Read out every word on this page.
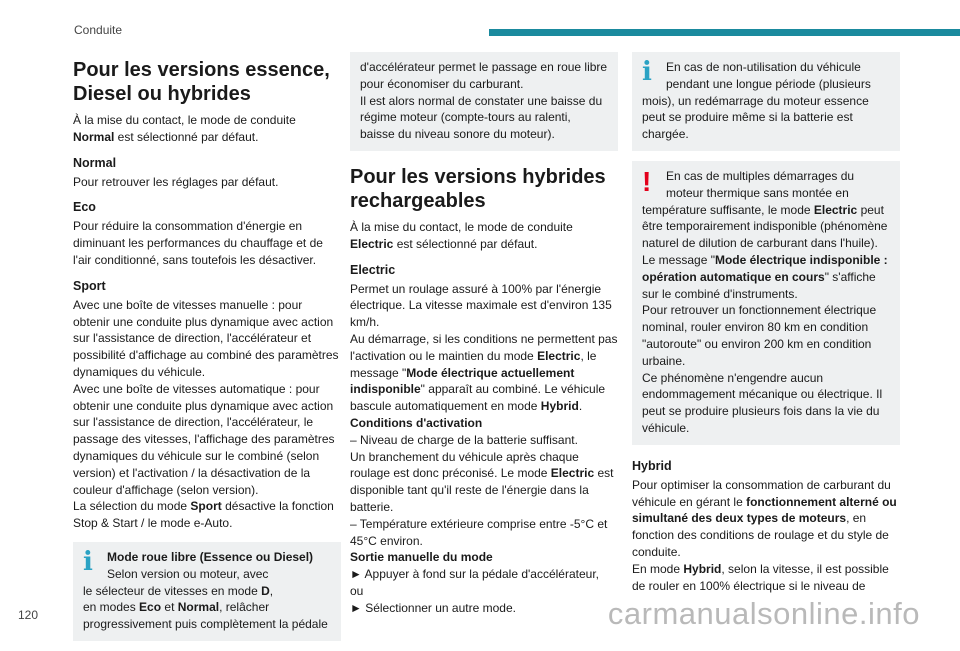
Conduite
Pour les versions essence, Diesel ou hybrides

À la mise du contact, le mode de conduite
Normal est sélectionné par défaut.

Normal

Pour retrouver les réglages par défaut.

Eco

Pour réduire la consommation d'énergie en diminuant les performances du chauffage et de l'air conditionné, sans toutefois les désactiver.

Sport

Avec une boîte de vitesses manuelle : pour obtenir une conduite plus dynamique avec action sur l'assistance de direction, l'accélérateur et possibilité d'affichage au combiné des paramètres dynamiques du véhicule.

Avec une boîte de vitesses automatique : pour obtenir une conduite plus dynamique avec action sur l'assistance de direction, l'accélérateur, le passage des vitesses, l'affichage des paramètres dynamiques du véhicule sur le combiné (selon version) et l'activation / la désactivation de la couleur d'affichage (selon version).

La sélection du mode Sport désactive la fonction Stop & Start / le mode e-Auto.

i	Mode roue libre (Essence ou Diesel)

Selon version ou moteur, avec

le sélecteur de vitesses en mode D,

en modes Eco et Normal, relâcher

progressivement puis complètement la pédale

d'accélérateur permet le passage en roue libre pour économiser du carburant.

Il est alors normal de constater une baisse du régime moteur (compte-tours au ralenti, baisse du niveau sonore du moteur).

Pour les versions hybrides rechargeables

À la mise du contact, le mode de conduite
Electric est sélectionné par défaut.

Electric

Permet un roulage assuré à 100% par l'énergie électrique. La vitesse maximale est d'environ 135 km/h.

Au démarrage, si les conditions ne permettent pas l'activation ou le maintien du mode Electric, le message "Mode électrique actuellement indisponible" apparaît au combiné. Le véhicule bascule automatiquement en mode Hybrid.

Conditions d'activation

– Niveau de charge de la batterie suffisant.

Un branchement du véhicule après chaque roulage est donc préconisé. Le mode Electric est disponible tant qu'il reste de l'énergie dans la batterie.

– Température extérieure comprise entre -5°C et 45°C environ.

Sortie manuelle du mode

► Appuyer à fond sur la pédale d'accélérateur,

ou

► Sélectionner un autre mode.

i	En cas de non-utilisation du véhicule

pendant une longue période (plusieurs

mois), un redémarrage du moteur essence peut se produire même si la batterie est chargée.

!	En cas de multiples démarrages du

moteur thermique sans montée en

température suffisante, le mode Electric peut être temporairement indisponible (phénomène naturel de dilution de carburant dans l'huile).

Le message "Mode électrique indisponible : opération automatique en cours" s'affiche sur le combiné d'instruments.

Pour retrouver un fonctionnement électrique nominal, rouler environ 80 km en condition "autoroute" ou environ 200 km en condition urbaine.

Ce phénomène n'engendre aucun endommagement mécanique ou électrique. Il peut se produire plusieurs fois dans la vie du véhicule.

Hybrid

Pour optimiser la consommation de carburant du véhicule en gérant le fonctionnement alterné ou simultané des deux types de moteurs, en fonction des conditions de roulage et du style de conduite.

En mode Hybrid, selon la vitesse, il est possible de rouler en 100% électrique si le niveau de

120	carmanualsonline.info
